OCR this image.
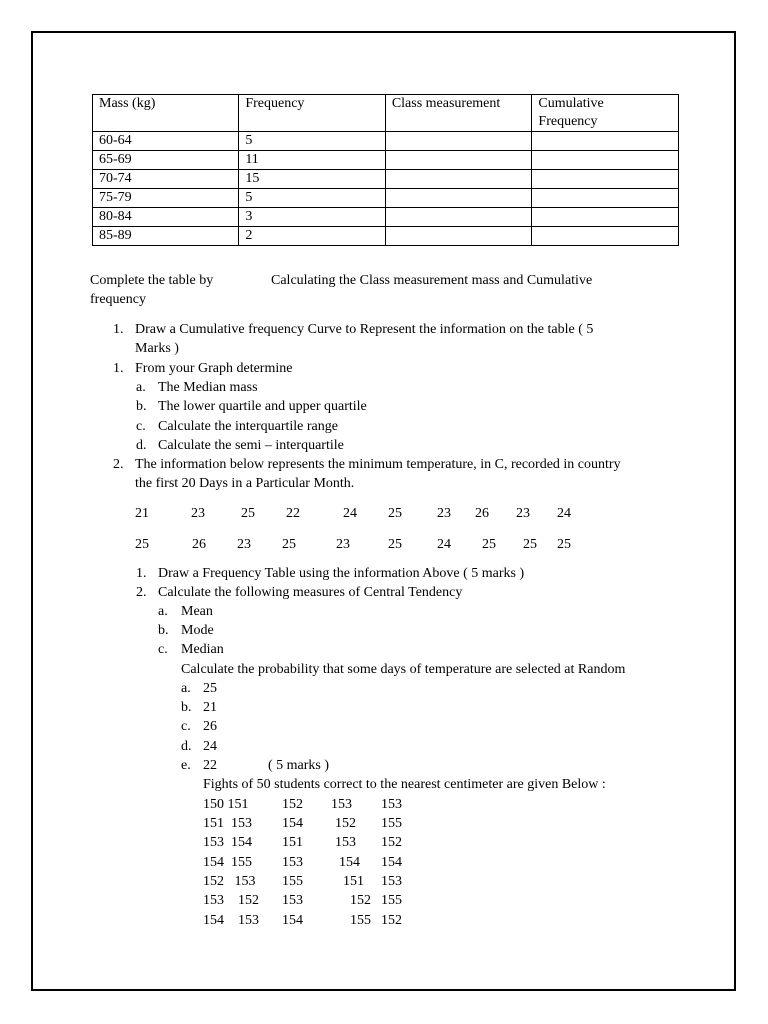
Mass (kg)	Frequency	Class measurement	Cumulative
Frequency
60-64	5		
65-69	11		
70-74	15		
75-79	5		
80-84	3		
85-89	2		
Complete the table by	Calculating the Class measurement mass and Cumulative
frequency
1. Draw a Cumulative frequency Curve to Represent the information on the table ( 5
Marks )
1. From your Graph determine
a. The Median mass
b. The lower quartile and upper quartile
c. Calculate the interquartile range
d. Calculate the semi – interquartile
2. The information below represents the minimum temperature, in C, recorded in country
the first 20 Days in a Particular Month.
21	23	25 22	24 25	23 26 23 24
25	26 23 25	23	25	24 25 25 25
1. Draw a Frequency Table using the information Above ( 5 marks )
2. Calculate the following measures of Central Tendency
a. Mean
b. Mode
c. Median
Calculate the probability that some days of temperature are selected at Random
a. 25
b. 21
c. 26
d. 24
e. 22	( 5 marks )
Fights of 50 students correct to the nearest centimeter are given Below :
150 151 152 153 153
151  153 154 152 155
153  154 151 153 152
154  155 153	154 154
152   153 155	151 153
153    152 153	152 155
154    153 154	155 152
